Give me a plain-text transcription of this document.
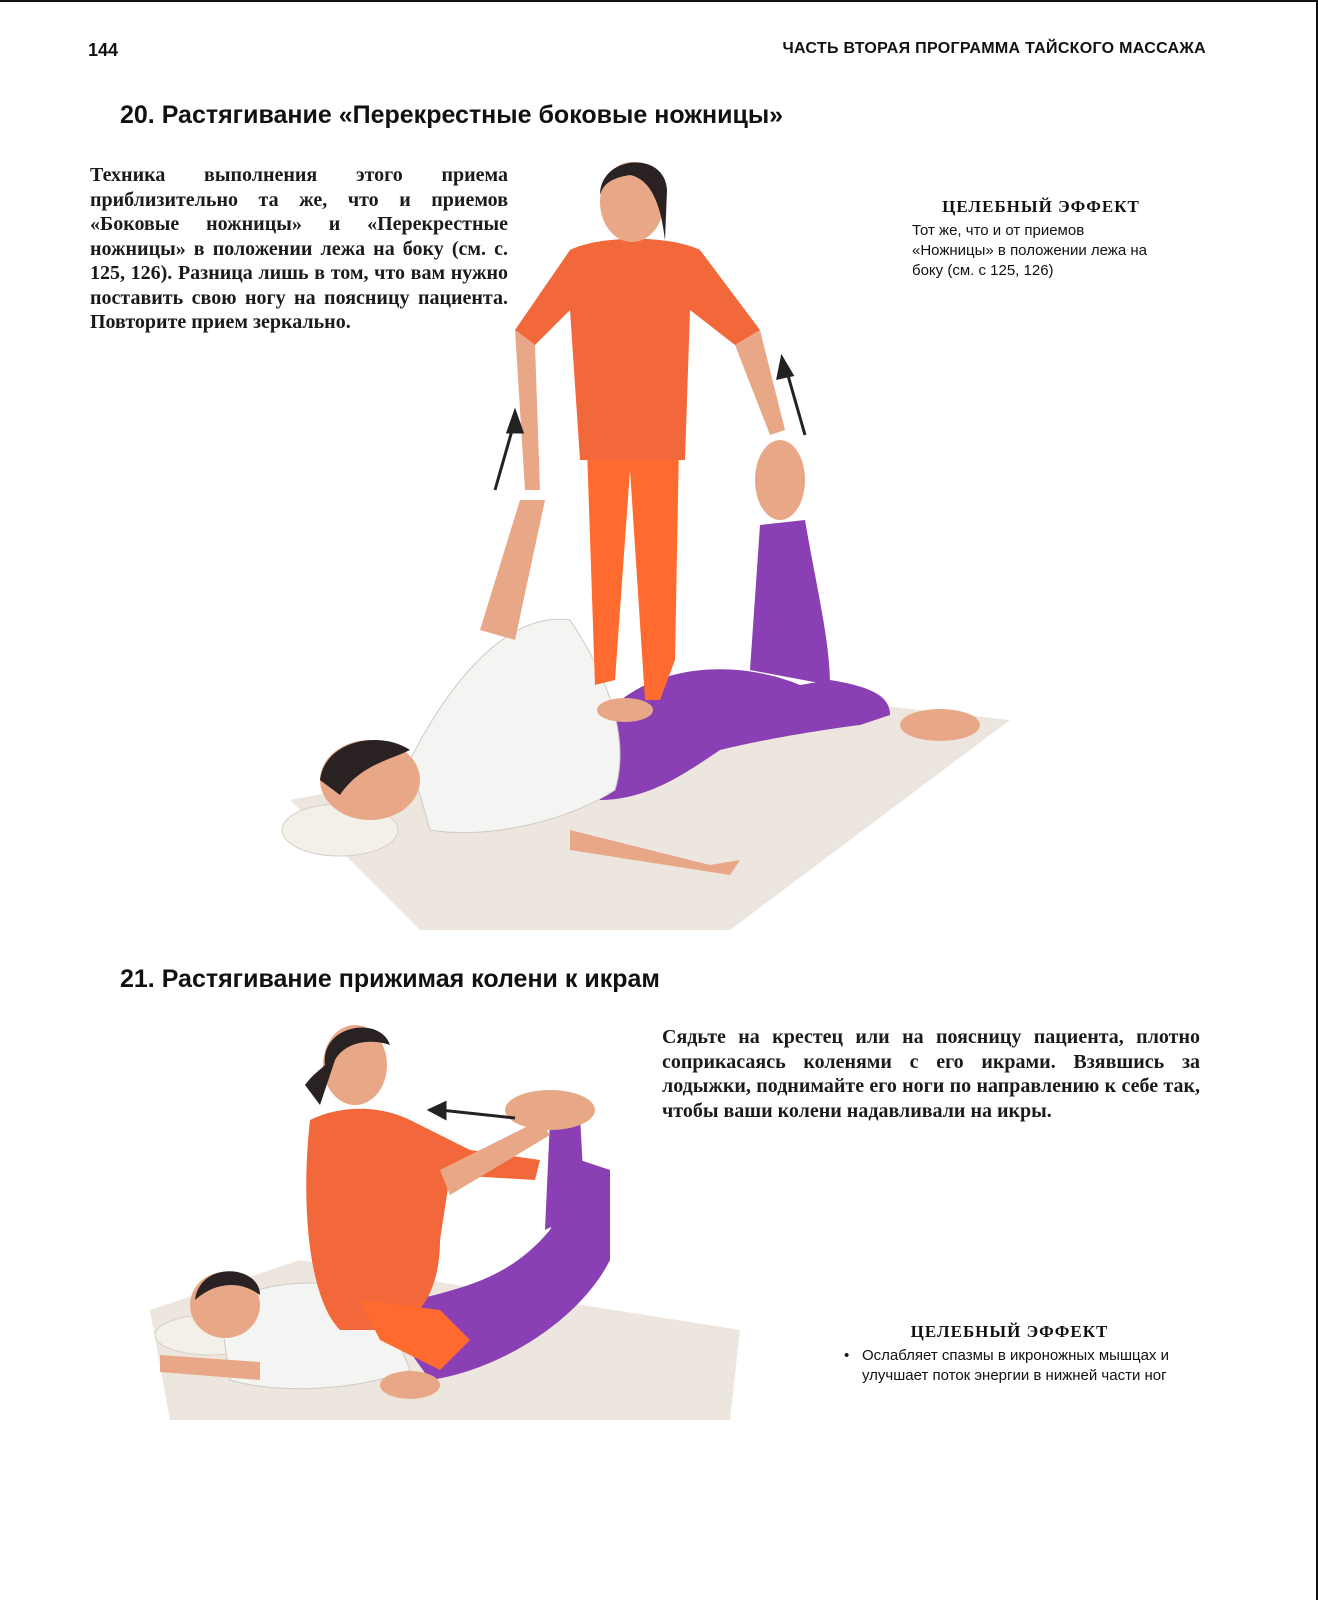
144	ЧАСТЬ ВТОРАЯ ПРОГРАММА ТАЙСКОГО МАССАЖА
20. Растягивание «Перекрестные боковые ножницы»
Техника выполнения этого приема приблизительно та же, что и приемов «Боковые ножницы» и «Перекрестные ножницы» в положении лежа на боку (см. с. 125, 126). Разница лишь в том, что вам нужно поставить свою ногу на поясницу пациента. Повторите прием зеркально.
ЦЕЛЕБНЫЙ ЭФФЕКТ
Тот же, что и от приемов «Ножницы» в положении лежа на боку (см. с 125, 126)
21. Растягивание прижимая колени к икрам
Сядьте на крестец или на поясницу пациента, плотно соприкасаясь коленями с его икрами. Взявшись за лодыжки, поднимайте его ноги по направлению к себе так, чтобы ваши колени надавливали на икры.
ЦЕЛЕБНЫЙ ЭФФЕКТ
• Ослабляет спазмы в икроножных мышцах и улучшает поток энергии в нижней части ног
